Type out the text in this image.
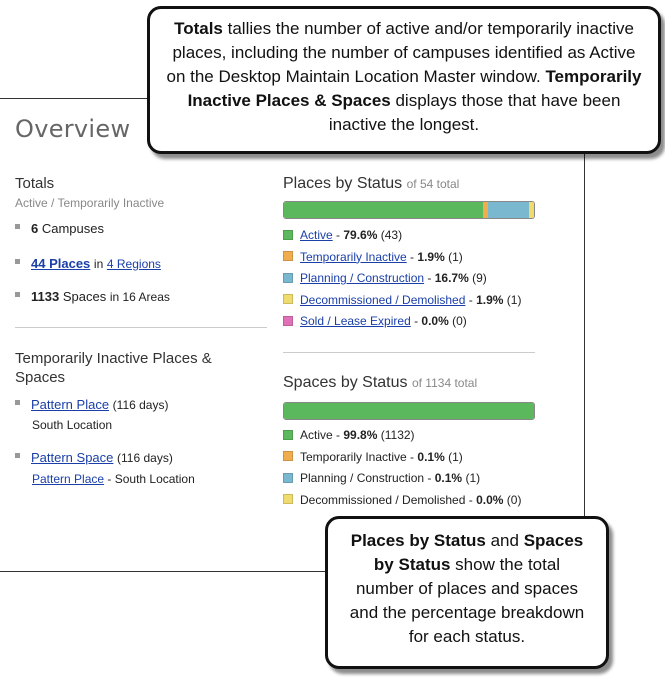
Overview
Totals
Active / Temporarily Inactive
6 Campuses
44 Places in 4 Regions
1133 Spaces in 16 Areas
Temporarily Inactive Places & Spaces
Pattern Place (116 days)
South Location
Pattern Space (116 days)
Pattern Place - South Location
Places by Status of 54 total
Active - 79.6% (43)
Temporarily Inactive - 1.9% (1)
Planning / Construction - 16.7% (9)
Decommissioned / Demolished - 1.9% (1)
Sold / Lease Expired - 0.0% (0)
Spaces by Status of 1134 total
Active - 99.8% (1132)
Temporarily Inactive - 0.1% (1)
Planning / Construction - 0.1% (1)
Decommissioned / Demolished - 0.0% (0)
Totals tallies the number of active and/or temporarily inactive places, including the number of campuses identified as Active on the Desktop Maintain Location Master window. Temporarily Inactive Places & Spaces displays those that have been inactive the longest.
Places by Status and Spaces by Status show the total number of places and spaces and the percentage breakdown for each status.
